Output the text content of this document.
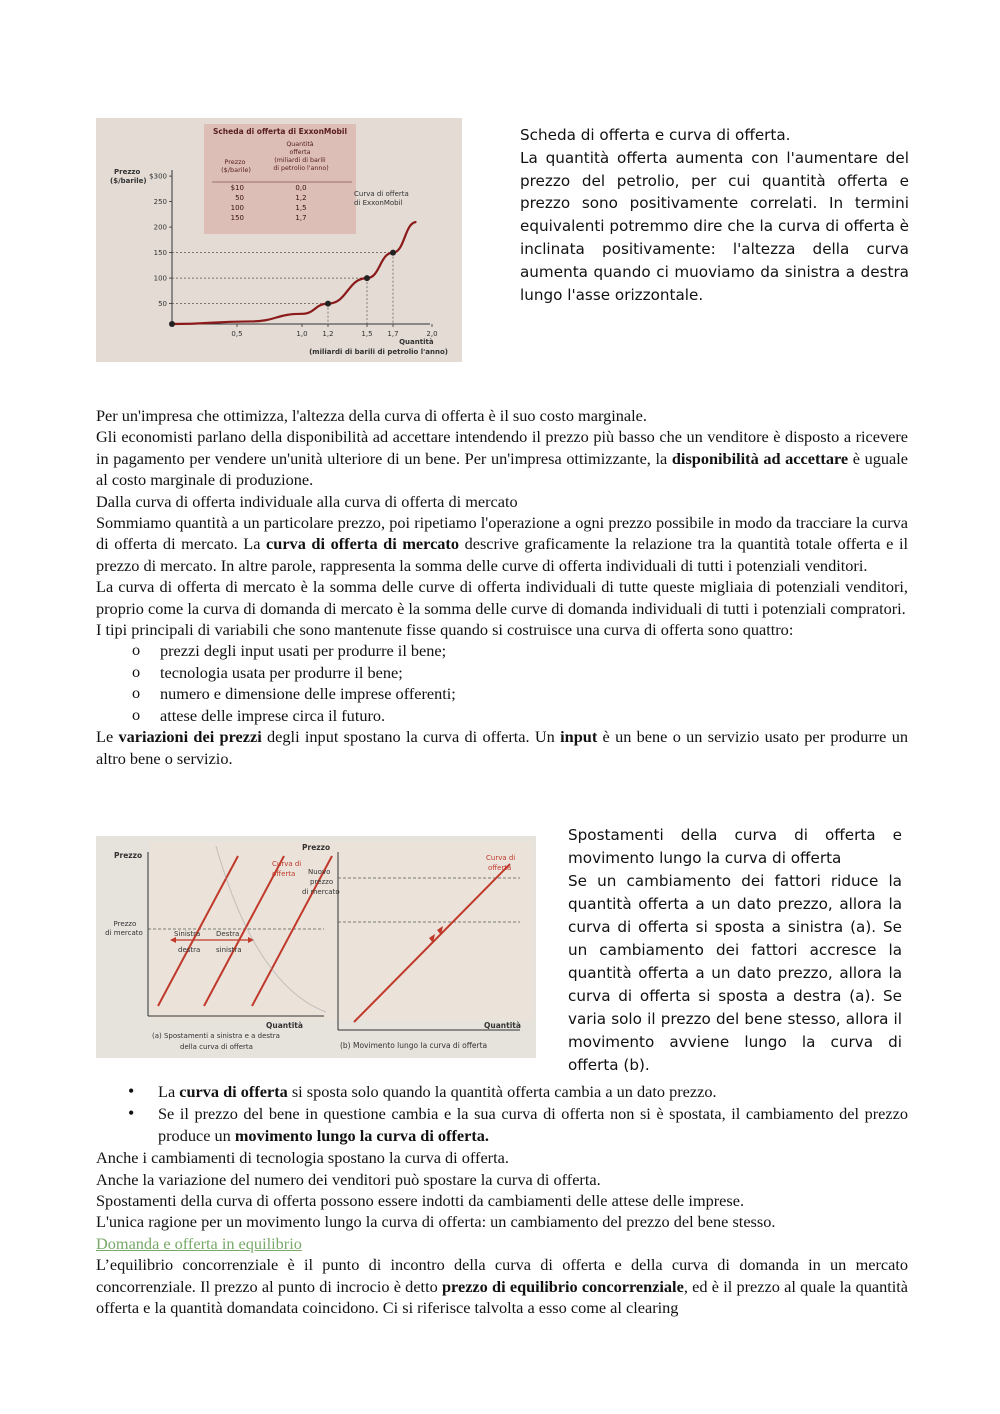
Scheda di offerta di ExxonMobil
Prezzo ($/barile)
Quantità offerta (miliardi di barili di petrolio l'anno)
$10	0,0
50	1,2
100	1,5
150	1,7
Prezzo ($/barile)
$300
250
200
150
100
50
0,5	1,0 1,2	1,5 1,7	2,0
Curva di offerta di ExxonMobil
Quantità (miliardi di barili di petrolio l'anno)

Scheda di offerta e curva di offerta.

La quantità offerta aumenta con l'aumentare del prezzo del petrolio, per cui quantità offerta e prezzo sono positivamente correlati. In termini equivalenti potremmo dire che la curva di offerta è inclinata positivamente: l'altezza della curva aumenta quando ci muoviamo da sinistra a destra lungo l'asse orizzontale.

Per un'impresa che ottimizza, l'altezza della curva di offerta è il suo costo marginale.

Gli economisti parlano della disponibilità ad accettare intendendo il prezzo più basso che un venditore è disposto a ricevere in pagamento per vendere un'unità ulteriore di un bene. Per un'impresa ottimizzante, la disponibilità ad accettare è uguale al costo marginale di produzione.

Dalla curva di offerta individuale alla curva di offerta di mercato

Sommiamo quantità a un particolare prezzo, poi ripetiamo l'operazione a ogni prezzo possibile in modo da tracciare la curva di offerta di mercato. La curva di offerta di mercato descrive graficamente la relazione tra la quantità totale offerta e il prezzo di mercato. In altre parole, rappresenta la somma delle curve di offerta individuali di tutti i potenziali venditori.

La curva di offerta di mercato è la somma delle curve di offerta individuali di tutte queste migliaia di potenziali venditori, proprio come la curva di domanda di mercato è la somma delle curve di domanda individuali di tutti i potenziali compratori.

I tipi principali di variabili che sono mantenute fisse quando si costruisce una curva di offerta sono quattro:

o prezzi degli input usati per produrre il bene;
o tecnologia usata per produrre il bene;
o numero e dimensione delle imprese offerenti;
o attese delle imprese circa il futuro.

Le variazioni dei prezzi degli input spostano la curva di offerta. Un input è un bene o un servizio usato per produrre un altro bene o servizio.

Prezzo
Prezzo di mercato	Sinistra destra
Destra sinistra
Quantità
(a) Spostamenti a sinistra e a destra della curva di offerta
Prezzo
Curva di offerta	Nuovo prezzo di mercato
Curva di offerta
Quantità
(b) Movimento lungo la curva di offerta

Spostamenti della curva di offerta e movimento lungo la curva di offerta

Se un cambiamento dei fattori riduce la quantità offerta a un dato prezzo, allora la curva di offerta si sposta a sinistra (a). Se un cambiamento dei fattori accresce la quantità offerta a un dato prezzo, allora la curva di offerta si sposta a destra (a). Se varia solo il prezzo del bene stesso, allora il movimento avviene lungo la curva di offerta (b).

• La curva di offerta si sposta solo quando la quantità offerta cambia a un dato prezzo.
• Se il prezzo del bene in questione cambia e la sua curva di offerta non si è spostata, il cambiamento del prezzo produce un movimento lungo la curva di offerta.

Anche i cambiamenti di tecnologia spostano la curva di offerta.

Anche la variazione del numero dei venditori può spostare la curva di offerta.

Spostamenti della curva di offerta possono essere indotti da cambiamenti delle attese delle imprese.

L'unica ragione per un movimento lungo la curva di offerta: un cambiamento del prezzo del bene stesso.

Domanda e offerta in equilibrio

L’equilibrio concorrenziale è il punto di incontro della curva di offerta e della curva di domanda in un mercato concorrenziale. Il prezzo al punto di incrocio è detto prezzo di equilibrio concorrenziale, ed è il prezzo al quale la quantità offerta e la quantità domandata coincidono. Ci si riferisce talvolta a esso come al clearing
